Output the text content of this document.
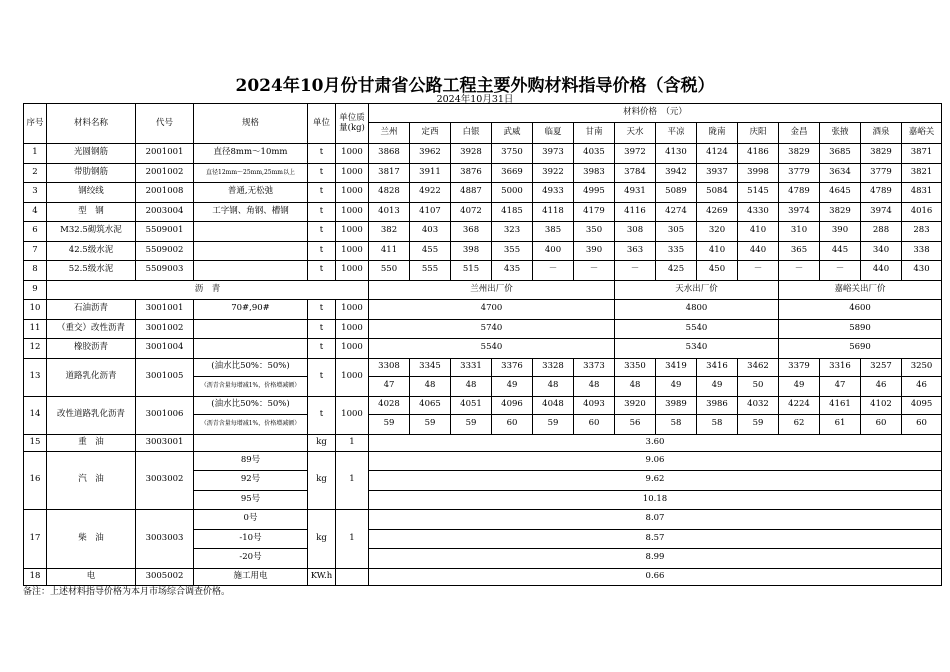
2024年10月份甘肃省公路工程主要外购材料指导价格（含税）
2024年10月31日
序号	材料名称	代号	规格	单位	单位质量(kg)	材料价格　（元）													
						兰州	定西	白银	武威	临夏	甘南	天水	平凉	陇南	庆阳	金昌	张掖	酒泉	嘉峪关
1	光圆钢筋	2001001	直径8mm～10mm	t	1000	3868	3962	3928	3750	3973	4035	3972	4130	4124	4186	3829	3685	3829	3871
2	带肋钢筋	2001002	直径12mm～25mm,25mm以上	t	1000	3817	3911	3876	3669	3922	3983	3784	3942	3937	3998	3779	3634	3779	3821
3	钢绞线	2001008	普通,无松弛	t	1000	4828	4922	4887	5000	4933	4995	4931	5089	5084	5145	4789	4645	4789	4831
4	型　钢	2003004	工字钢、角钢、槽钢	t	1000	4013	4107	4072	4185	4118	4179	4116	4274	4269	4330	3974	3829	3974	4016
6	M32.5砌筑水泥	5509001		t	1000	382	403	368	323	385	350	308	305	320	410	310	390	288	283
7	42.5级水泥	5509002		t	1000	411	455	398	355	400	390	363	335	410	440	365	445	340	338
8	52.5级水泥	5509003		t	1000	550	555	515	435	－	－	－	425	450	－	－	－	440	430
9	沥　青					兰州出厂价						天水出厂价				嘉峪关出厂价			
10	石油沥青	3001001	70#,90#	t	1000	4700						4800				4600			
11	（重交）改性沥青	3001002		t	1000	5740						5540				5890			
12	橡胶沥青	3001004		t	1000	5540						5340				5690			
13	道路乳化沥青	3001005	(油水比50%：50%)	t	1000	3308	3345	3331	3376	3328	3373	3350	3419	3416	3462	3379	3316	3257	3250
			（沥青含量每增减1%，价格增减额）			47	48	48	49	48	48	48	49	49	50	49	47	46	46
14	改性道路乳化沥青	3001006	(油水比50%：50%)	t	1000	4028	4065	4051	4096	4048	4093	3920	3989	3986	4032	4224	4161	4102	4095
			（沥青含量每增减1%，价格增减额）			59	59	59	60	59	60	56	58	58	59	62	61	60	60
15	重　油	3003001		kg	1	3.60													
16	汽　油	3003002	89号	kg	1	9.06													
			92号			9.62													
			95号			10.18													
17	柴　油	3003003	0号	kg	1	8.07													
			-10号			8.57													
			-20号			8.99													
18	电	3005002	施工用电	KW.h		0.66													
备注：上述材料指导价格为本月市场综合调查价格。
